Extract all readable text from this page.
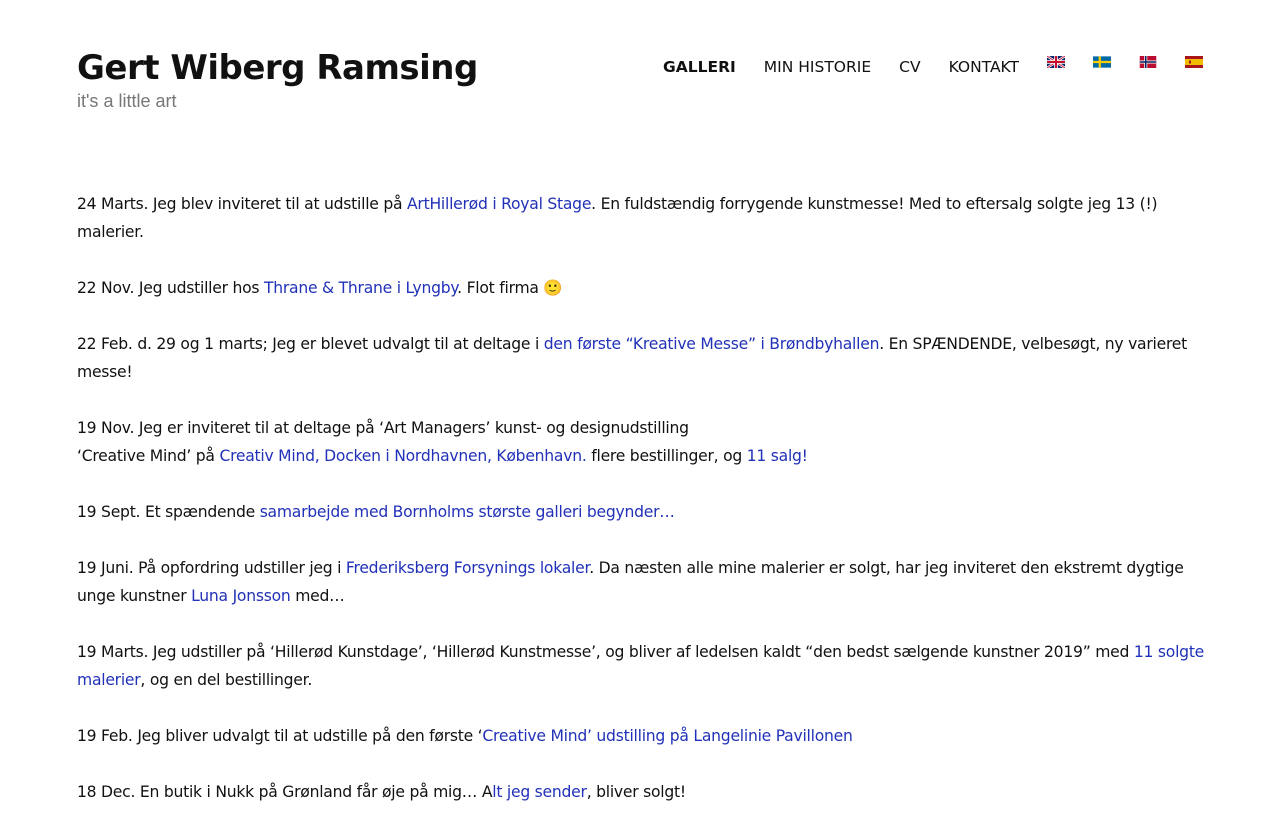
Gert Wiberg Ramsing
it's a little art
GALLERI MIN HISTORIE CV KONTAKT

24 Marts. Jeg blev inviteret til at udstille på ArtHillerød i Royal Stage. En fuldstændig forrygende kunstmesse! Med to eftersalg solgte jeg 13 (!) malerier.

22 Nov. Jeg udstiller hos Thrane & Thrane i Lyngby. Flot firma 🙂

22 Feb. d. 29 og 1 marts; Jeg er blevet udvalgt til at deltage i den første “Kreative Messe” i Brøndbyhallen. En SPÆNDENDE, velbesøgt, ny varieret messe!

19 Nov. Jeg er inviteret til at deltage på ‘Art Managers’ kunst- og designudstilling
‘Creative Mind’ på Creativ Mind, Docken i Nordhavnen, København. flere bestillinger, og 11 salg!

19 Sept. Et spændende samarbejde med Bornholms største galleri begynder…

19 Juni. På opfordring udstiller jeg i Frederiksberg Forsynings lokaler. Da næsten alle mine malerier er solgt, har jeg inviteret den ekstremt dygtige unge kunstner Luna Jonsson med…

19 Marts. Jeg udstiller på ‘Hillerød Kunstdage’, ‘Hillerød Kunstmesse’, og bliver af ledelsen kaldt “den bedst sælgende kunstner 2019” med 11 solgte malerier, og en del bestillinger.

19 Feb. Jeg bliver udvalgt til at udstille på den første ‘Creative Mind’ udstilling på Langelinie Pavillonen

18 Dec. En butik i Nukk på Grønland får øje på mig… Alt jeg sender, bliver solgt!
